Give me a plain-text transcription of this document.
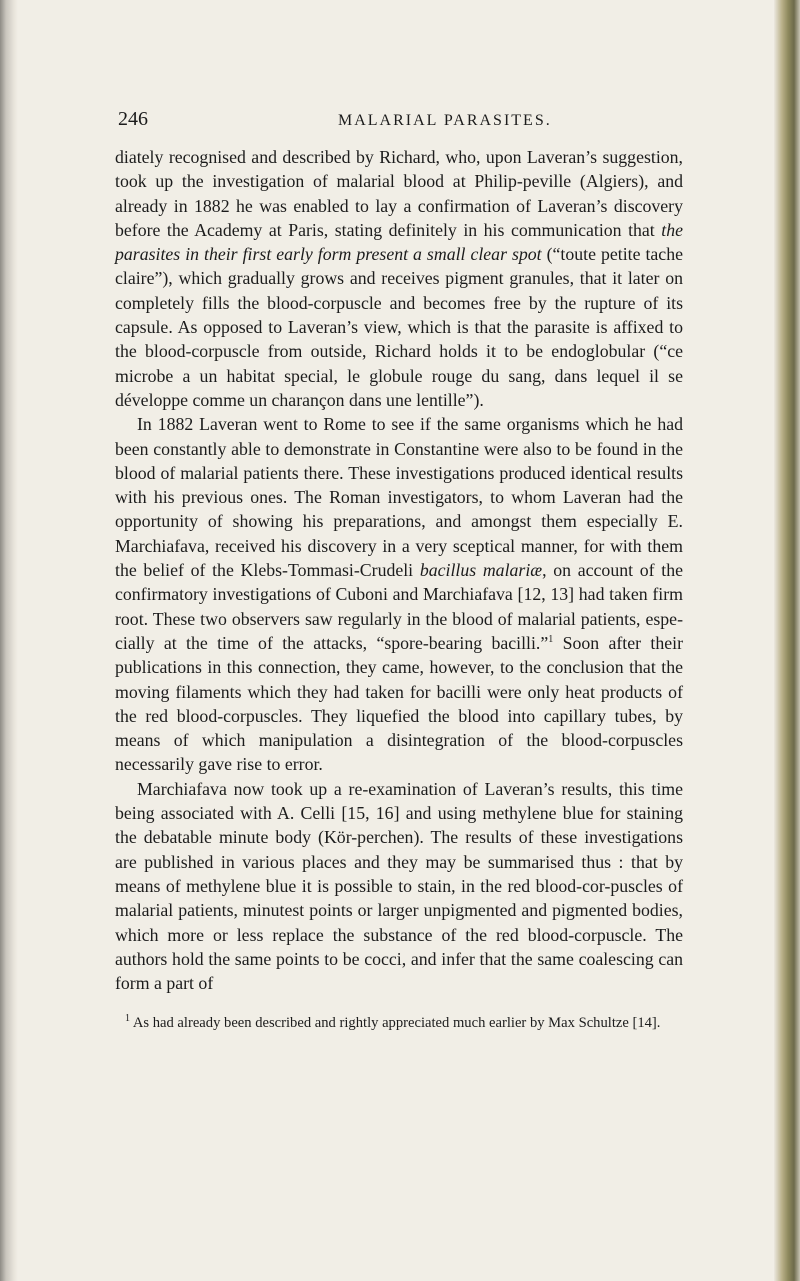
246	MALARIAL PARASITES.

diately recognised and described by Richard, who, upon Laveran’s suggestion, took up the investigation of malarial blood at Philip-peville (Algiers), and already in 1882 he was enabled to lay a confirmation of Laveran’s discovery before the Academy at Paris, stating definitely in his communication that the parasites in their first early form present a small clear spot (“toute petite tache claire”), which gradually grows and receives pigment granules, that it later on completely fills the blood-corpuscle and becomes free by the rupture of its capsule. As opposed to Laveran’s view, which is that the parasite is affixed to the blood-corpuscle from outside, Richard holds it to be endoglobular (“ce microbe a un habitat special, le globule rouge du sang, dans lequel il se développe comme un charançon dans une lentille”).

In 1882 Laveran went to Rome to see if the same organisms which he had been constantly able to demonstrate in Constantine were also to be found in the blood of malarial patients there. These investigations produced identical results with his previous ones. The Roman investigators, to whom Laveran had the opportunity of showing his preparations, and amongst them especially E. Marchiafava, received his discovery in a very sceptical manner, for with them the belief of the Klebs-Tommasi-Crudeli bacillus malariæ, on account of the confirmatory investigations of Cuboni and Marchiafava [12, 13] had taken firm root. These two observers saw regularly in the blood of malarial patients, espe-cially at the time of the attacks, “spore-bearing bacilli.”$^1$ Soon after their publications in this connection, they came, however, to the conclusion that the moving filaments which they had taken for bacilli were only heat products of the red blood-corpuscles. They liquefied the blood into capillary tubes, by means of which manipulation a disintegration of the blood-corpuscles necessarily gave rise to error.

Marchiafava now took up a re-examination of Laveran’s results, this time being associated with A. Celli [15, 16] and using methylene blue for staining the debatable minute body (Kör-perchen). The results of these investigations are published in various places and they may be summarised thus : that by means of methylene blue it is possible to stain, in the red blood-cor-puscles of malarial patients, minutest points or larger unpigmented and pigmented bodies, which more or less replace the substance of the red blood-corpuscle. The authors hold the same points to be cocci, and infer that the same coalescing can form a part of

$^1$ As had already been described and rightly appreciated much earlier by Max Schultze [14].
